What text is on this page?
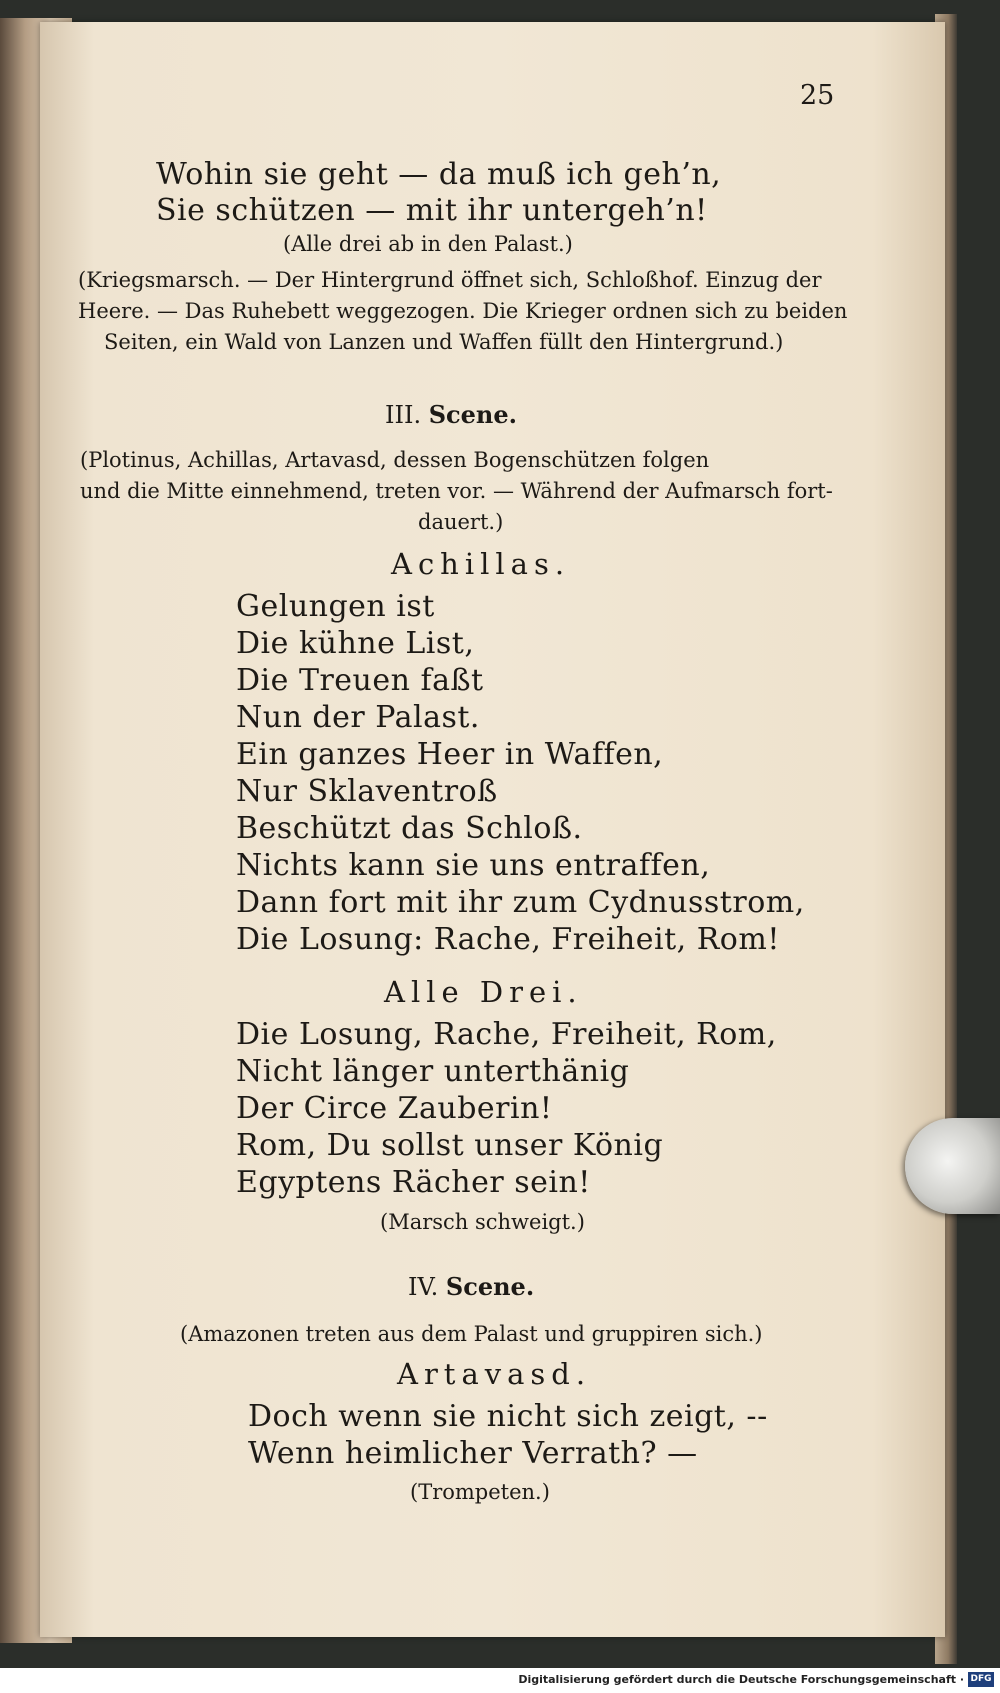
25
Wohin sie geht — da muß ich geh’n,
Sie schützen — mit ihr untergeh’n!
(Alle drei ab in den Palast.)
(Kriegsmarsch. — Der Hintergrund öffnet sich, Schloßhof. Einzug der
Heere. — Das Ruhebett weggezogen. Die Krieger ordnen sich zu beiden
Seiten, ein Wald von Lanzen und Waffen füllt den Hintergrund.)
III. Scene.
(Plotinus, Achillas, Artavasd, dessen Bogenschützen folgen
und die Mitte einnehmend, treten vor. — Während der Aufmarsch fort-
dauert.)
Achillas.
Gelungen ist
Die kühne List,
Die Treuen faßt
Nun der Palast.
Ein ganzes Heer in Waffen,
Nur Sklaventroß
Beschützt das Schloß.
Nichts kann sie uns entraffen,
Dann fort mit ihr zum Cydnusstrom,
Die Losung: Rache, Freiheit, Rom!
Alle Drei.
Die Losung, Rache, Freiheit, Rom,
Nicht länger unterthänig
Der Circe Zauberin!
Rom, Du sollst unser König
Egyptens Rächer sein!
(Marsch schweigt.)
IV. Scene.
(Amazonen treten aus dem Palast und gruppiren sich.)
Artavasd.
Doch wenn sie nicht sich zeigt, --
Wenn heimlicher Verrath? —
(Trompeten.)
Digitalisierung gefördert durch die Deutsche Forschungsgemeinschaft · DFG
